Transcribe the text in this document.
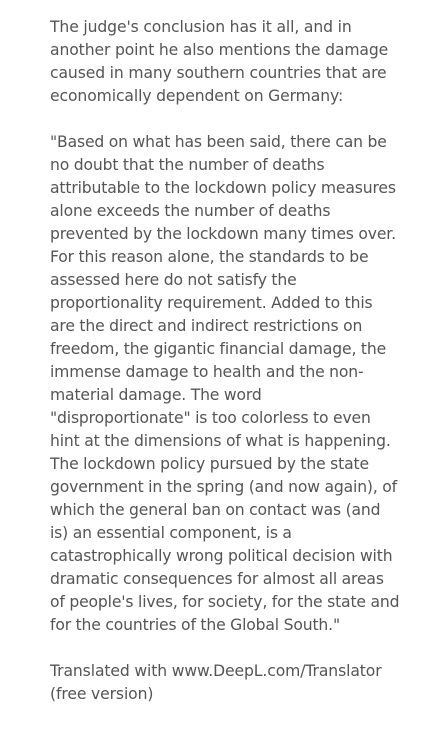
The judge's conclusion has it all, and in another point he also mentions the damage caused in many southern countries that are economically dependent on Germany:

"Based on what has been said, there can be no doubt that the number of deaths attributable to the lockdown policy measures alone exceeds the number of deaths prevented by the lockdown many times over. For this reason alone, the standards to be assessed here do not satisfy the proportionality requirement. Added to this are the direct and indirect restrictions on freedom, the gigantic financial damage, the immense damage to health and the non-material damage. The word "disproportionate" is too colorless to even hint at the dimensions of what is happening. The lockdown policy pursued by the state government in the spring (and now again), of which the general ban on contact was (and is) an essential component, is a catastrophically wrong political decision with dramatic consequences for almost all areas of people's lives, for society, for the state and for the countries of the Global South."

Translated with www.DeepL.com/Translator (free version)
